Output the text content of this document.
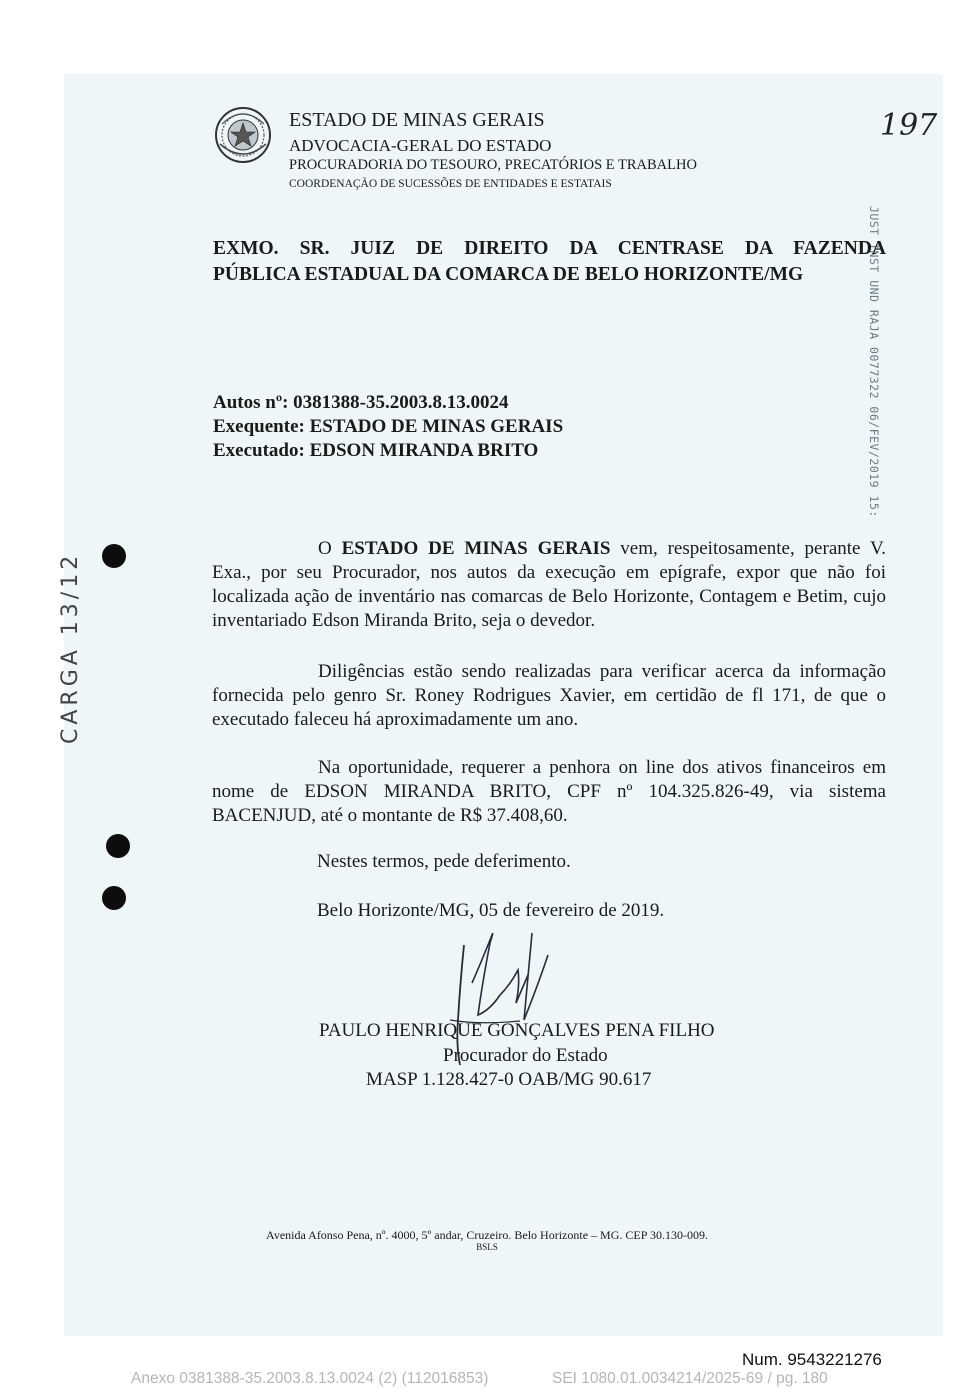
ESTADO DE MINAS GERAIS
ADVOCACIA-GERAL DO ESTADO
PROCURADORIA DO TESOURO, PRECATÓRIOS E TRABALHO
COORDENAÇÃO DE SUCESSÕES DE ENTIDADES E ESTATAIS
197
JUST INST UND RAJA 0077322 06/FEV/2019 15:
CARGA 13/12
EXMO. SR. JUIZ DE DIREITO DA CENTRASE DA FAZENDA
PÚBLICA ESTADUAL DA COMARCA DE BELO HORIZONTE/MG
Autos nº: 0381388-35.2003.8.13.0024
Exequente: ESTADO DE MINAS GERAIS
Executado: EDSON MIRANDA BRITO

O ESTADO DE MINAS GERAIS vem, respeitosamente, perante V. Exa., por seu Procurador, nos autos da execução em epígrafe, expor que não foi localizada ação de inventário nas comarcas de Belo Horizonte, Contagem e Betim, cujo inventariado Edson Miranda Brito, seja o devedor.

Diligências estão sendo realizadas para verificar acerca da informação fornecida pelo genro Sr. Roney Rodrigues Xavier, em certidão de fl 171, de que o executado faleceu há aproximadamente um ano.

Na oportunidade, requerer a penhora on line dos ativos financeiros em nome de EDSON MIRANDA BRITO, CPF nº 104.325.826-49, via sistema BACENJUD, até o montante de R$ 37.408,60.

Nestes termos, pede deferimento.
Belo Horizonte/MG, 05 de fevereiro de 2019.
PAULO HENRIQUE GONÇALVES PENA FILHO
Procurador do Estado
MASP 1.128.427-0 OAB/MG 90.617
Avenida Afonso Pena, nº. 4000, 5º andar, Cruzeiro. Belo Horizonte – MG. CEP 30.130-009.
BSLS
Num. 9543221276
Anexo 0381388-35.2003.8.13.0024 (2) (112016853)	SEI 1080.01.0034214/2025-69 / pg. 180
